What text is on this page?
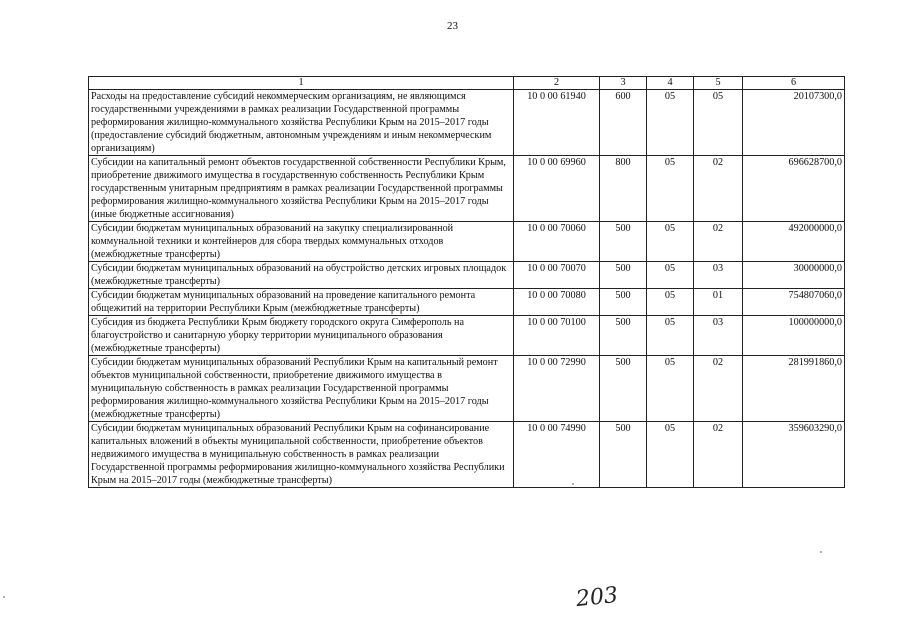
23
1	2	3	4	5	6
Расходы на предоставление субсидий некоммерческим организациям, не являющимся государственными учреждениями в рамках реализации Государственной программы реформирования жилищно-коммунального хозяйства Республики Крым на 2015–2017 годы (предоставление субсидий бюджетным, автономным учреждениям и иным некоммерческим организациям)	10 0 00 61940	600	05	05	20107300,0
Субсидии на капитальный ремонт объектов государственной собственности Республики Крым, приобретение движимого имущества в государственную собственность Республики Крым государственным унитарным предприятиям в рамках реализации Государственной программы реформирования жилищно-коммунального хозяйства Республики Крым на 2015–2017 годы (иные бюджетные ассигнования)	10 0 00 69960	800	05	02	696628700,0
Субсидии бюджетам муниципальных образований на закупку специализированной коммунальной техники и контейнеров для сбора твердых коммунальных отходов (межбюджетные трансферты)	10 0 00 70060	500	05	02	492000000,0
Субсидии бюджетам муниципальных образований на обустройство детских игровых площадок (межбюджетные трансферты)	10 0 00 70070	500	05	03	30000000,0
Субсидии бюджетам муниципальных образований на проведение капитального ремонта общежитий на территории Республики Крым (межбюджетные трансферты)	10 0 00 70080	500	05	01	754807060,0
Субсидия из бюджета Республики Крым бюджету городского округа Симферополь на благоустройство и санитарную уборку территории муниципального образования (межбюджетные трансферты)	10 0 00 70100	500	05	03	100000000,0
Субсидии бюджетам муниципальных образований Республики Крым на капитальный ремонт объектов муниципальной собственности, приобретение движимого имущества в муниципальную собственность в рамках реализации Государственной программы реформирования жилищно-коммунального хозяйства Республики Крым на 2015–2017 годы (межбюджетные трансферты)	10 0 00 72990	500	05	02	281991860,0
Субсидии бюджетам муниципальных образований Республики Крым на софинансирование капитальных вложений в объекты муниципальной собственности, приобретение объектов недвижимого имущества в муниципальную собственность в рамках реализации Государственной программы реформирования жилищно-коммунального хозяйства Республики Крым на 2015–2017 годы (межбюджетные трансферты)	10 0 00 74990	500	05	02	359603290,0
203
